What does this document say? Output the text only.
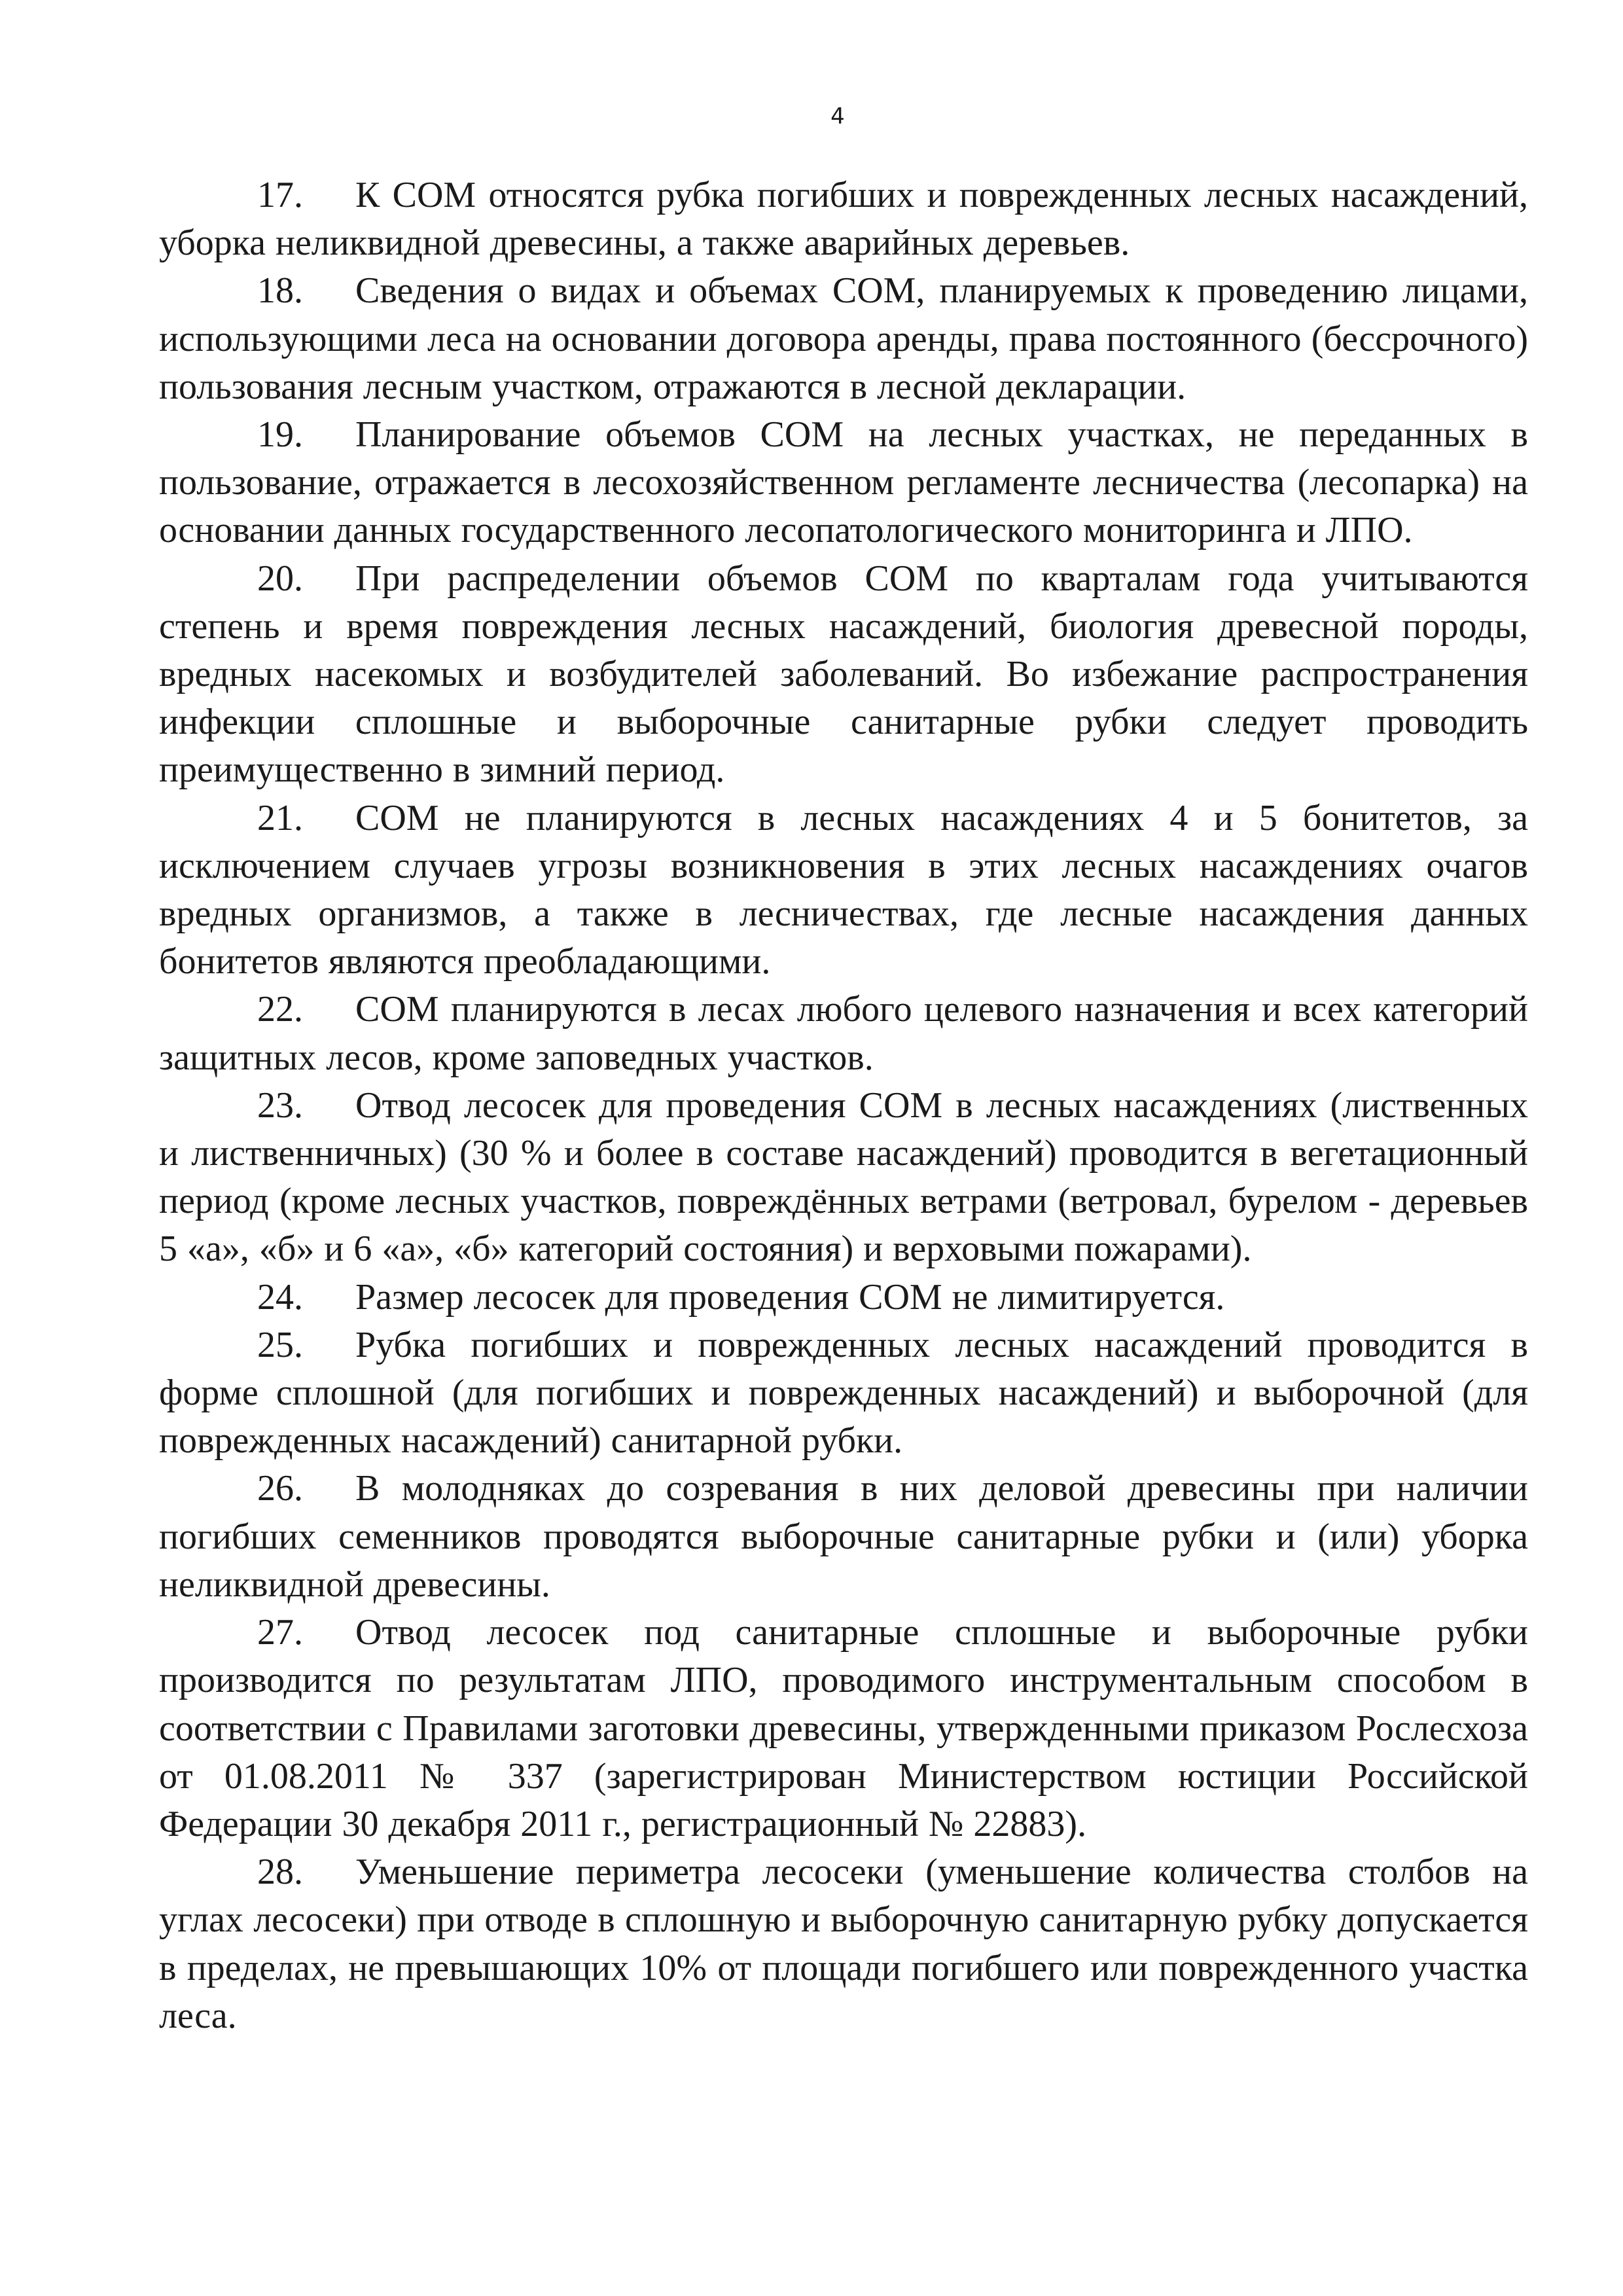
4

17. К СОМ относятся рубка погибших и поврежденных лесных насаждений, уборка неликвидной древесины, а также аварийных деревьев.

18. Сведения о видах и объемах СОМ, планируемых к проведению лицами, использующими леса на основании договора аренды, права постоянного (бессрочного) пользования лесным участком, отражаются в лесной декларации.

19. Планирование объемов СОМ на лесных участках, не переданных в пользование, отражается в лесохозяйственном регламенте лесничества (лесопарка) на основании данных государственного лесопатологического мониторинга и ЛПО.

20. При распределении объемов СОМ по кварталам года учитываются степень и время повреждения лесных насаждений, биология древесной породы, вредных насекомых и возбудителей заболеваний. Во избежание распространения инфекции сплошные и выборочные санитарные рубки следует проводить преимущественно в зимний период.

21. СОМ не планируются в лесных насаждениях 4 и 5 бонитетов, за исключением случаев угрозы возникновения в этих лесных насаждениях очагов вредных организмов, а также в лесничествах, где лесные насаждения данных бонитетов являются преобладающими.

22. СОМ планируются в лесах любого целевого назначения и всех категорий защитных лесов, кроме заповедных участков.

23. Отвод лесосек для проведения СОМ в лесных насаждениях (лиственных и лиственничных) (30 % и более в составе насаждений) проводится в вегетационный период (кроме лесных участков, повреждённых ветрами (ветровал, бурелом - деревьев 5 «а», «б» и 6 «а», «б» категорий состояния) и верховыми пожарами).

24. Размер лесосек для проведения СОМ не лимитируется.

25. Рубка погибших и поврежденных лесных насаждений проводится в форме сплошной (для погибших и поврежденных насаждений) и выборочной (для поврежденных насаждений) санитарной рубки.

26. В молодняках до созревания в них деловой древесины при наличии погибших семенников проводятся выборочные санитарные рубки и (или) уборка неликвидной древесины.

27. Отвод лесосек под санитарные сплошные и выборочные рубки производится по результатам ЛПО, проводимого инструментальным способом в соответствии с Правилами заготовки древесины, утвержденными приказом Рослесхоза от 01.08.2011 № 337 (зарегистрирован Министерством юстиции Российской Федерации 30 декабря 2011 г., регистрационный № 22883).

28. Уменьшение периметра лесосеки (уменьшение количества столбов на углах лесосеки) при отводе в сплошную и выборочную санитарную рубку допускается в пределах, не превышающих 10% от площади погибшего или поврежденного участка леса.
